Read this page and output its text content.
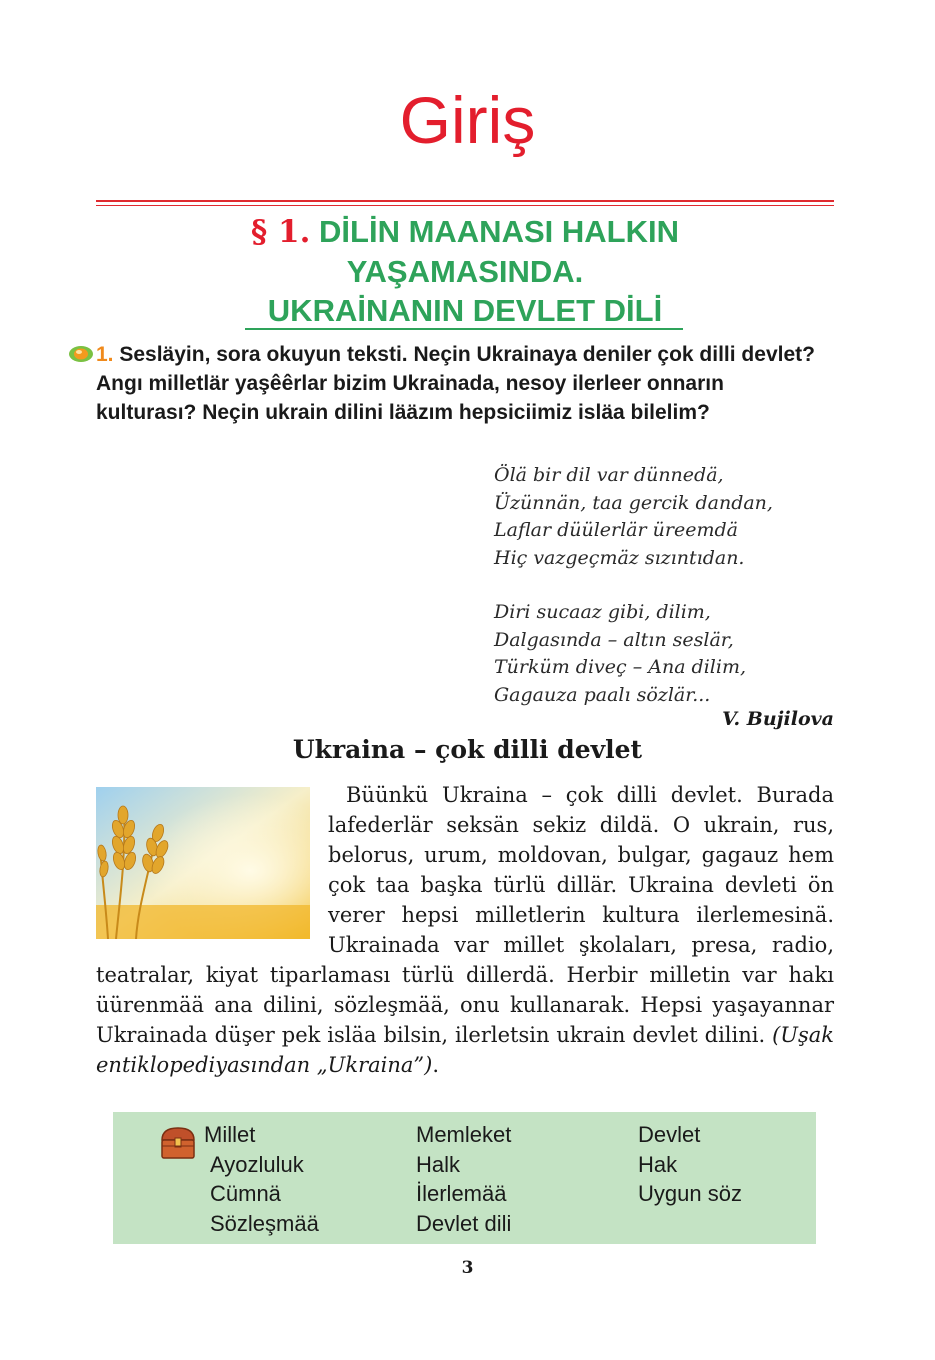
Giriş
§ 1. DİLİN MAANASI HALKIN
YAŞAMASINDA.
UKRAİNANIN DEVLET DİLİ
1. Sesläyin, sora okuyun teksti. Neçin Ukrainaya deniler çok dilli devlet? Angı milletlär yaşêêrlar bizim Ukrainada, nesoy ilerleer onnarın kulturası? Neçin ukrain dilini lääzım hepsiciimiz isläa bilelim?

Ölä bir dil var dünnedä,

Üzünnän, taa gercik dandan,

Laflar düülerlär üreemdä

Hiç vazgeçmäz sızıntıdan.

Diri sucaaz gibi, dilim,

Dalgasında – altın seslär,

Türküm diveç – Ana dilim,

Gagauza paalı sözlär...

V. Bujilova
Ukraina – çok dilli devlet
Büünkü Ukraina – çok dilli devlet. Burada lafederlär seksän sekiz dildä. O ukrain, rus, belorus, urum, moldovan, bulgar, gagauz hem çok taa başka türlü dillär. Ukraina devleti ön verer hepsi milletlerin kultura ilerlemesinä. Ukrainada var millet şkolaları, presa, radio, teatralar, kiyat tiparlaması türlü dillerdä. Herbir milletin var hakı üürenmää ana dilini, sözleşmää, onu kullanarak. Hepsi yaşayannar Ukrainada düşer pek isläa bilsin, ilerletsin ukrain devlet dilini. (Uşak entiklopediyasından „Ukraina”).
Millet
Ayozluluk
Cümnä
Sözleşmää
Memleket
Halk
İlerlemää
Devlet dili
Devlet
Hak
Uygun söz
3
